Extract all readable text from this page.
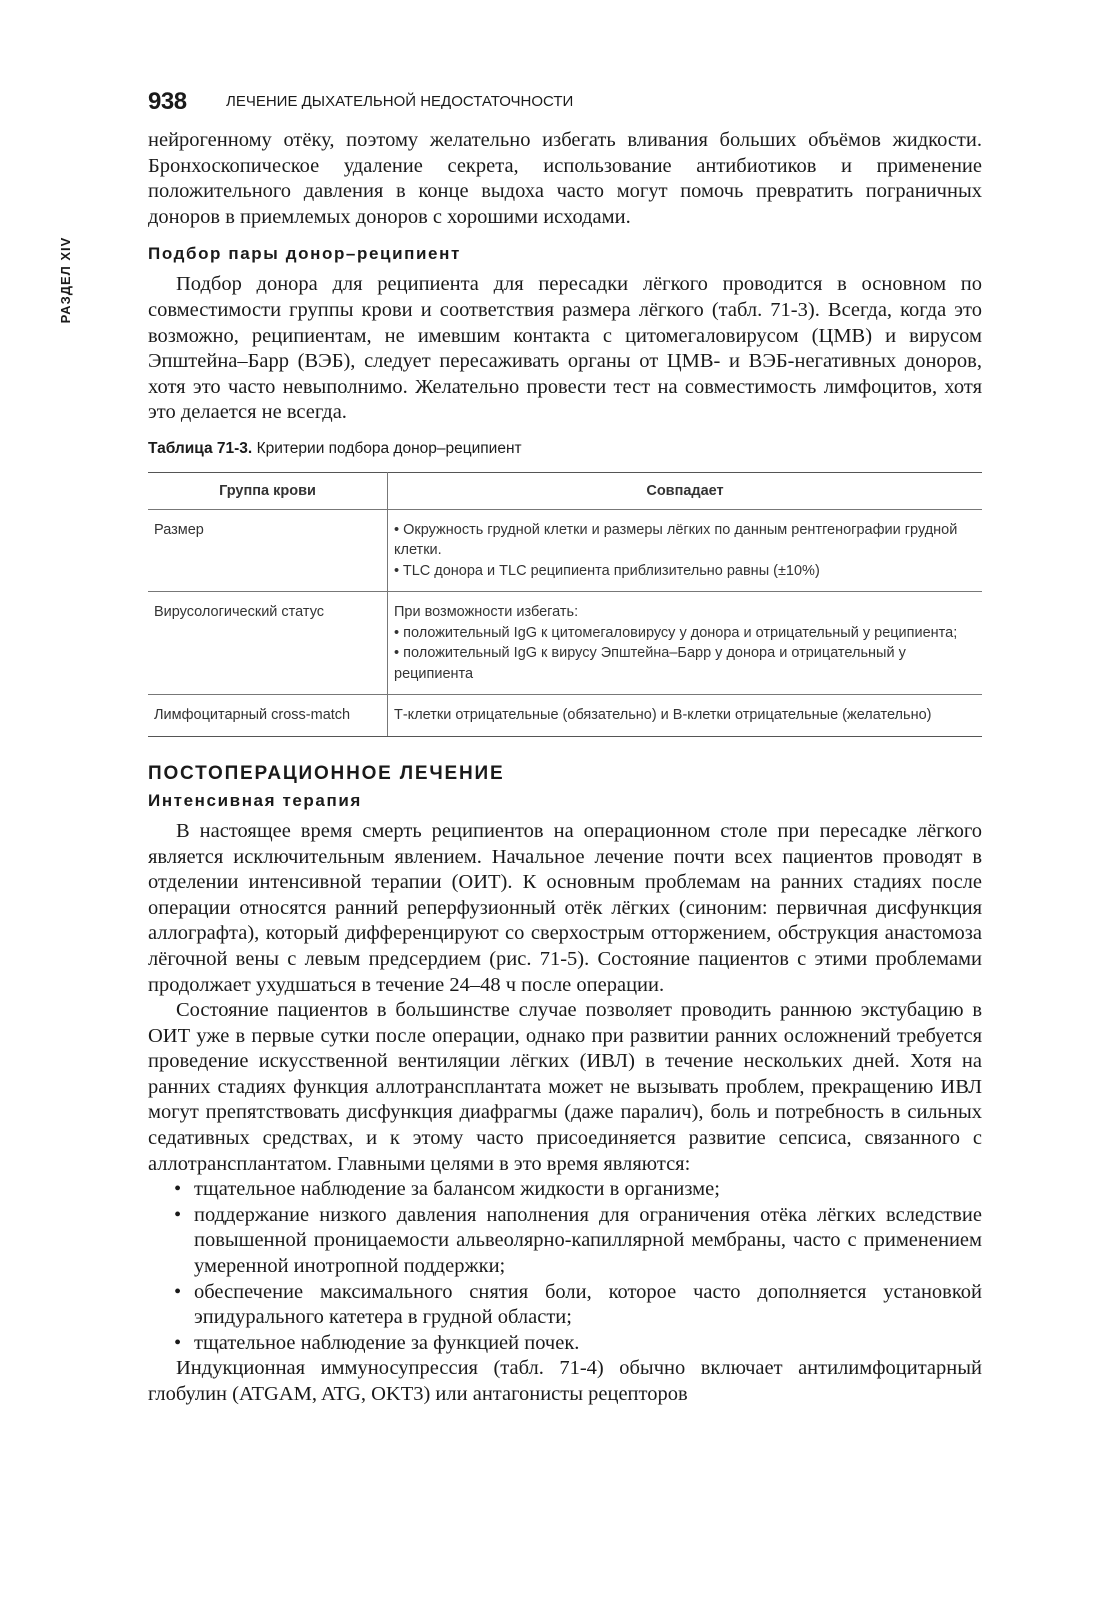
РАЗДЕЛ XIV
938	ЛЕЧЕНИЕ ДЫХАТЕЛЬНОЙ НЕДОСТАТОЧНОСТИ

нейрогенному отёку, поэтому желательно избегать вливания больших объёмов жидкости. Бронхоскопическое удаление секрета, использование антибиотиков и применение положительного давления в конце выдоха часто могут помочь превратить пограничных доноров в приемлемых доноров с хорошими исходами.

Подбор пары донор–реципиент

Подбор донора для реципиента для пересадки лёгкого проводится в основном по совместимости группы крови и соответствия размера лёгкого (табл. 71-3). Всегда, когда это возможно, реципиентам, не имевшим контакта с цитомегаловирусом (ЦМВ) и вирусом Эпштейна–Барр (ВЭБ), следует пересаживать органы от ЦМВ- и ВЭБ-негативных доноров, хотя это часто невыполнимо. Желательно провести тест на совместимость лимфоцитов, хотя это делается не всегда.

Таблица 71-3. Критерии подбора донор–реципиент
Группа крови	Совпадает
Размер	• Окружность грудной клетки и размеры лёгких по данным рентгенографии грудной клетки.
• TLC донора и TLC реципиента приблизительно равны (±10%)

Вирусологический статус	При возможности избегать:
• положительный IgG к цитомегаловирусу у донора и отрицательный у реципиента;
• положительный IgG к вирусу Эпштейна–Барр у донора и отрицательный у реципиента

Лимфоцитарный cross-match	Т-клетки отрицательные (обязательно) и В-клетки отрицательные (желательно)
ПОСТОПЕРАЦИОННОЕ ЛЕЧЕНИЕ
Интенсивная терапия

В настоящее время смерть реципиентов на операционном столе при пересадке лёгкого является исключительным явлением. Начальное лечение почти всех пациентов проводят в отделении интенсивной терапии (ОИТ). К основным проблемам на ранних стадиях после операции относятся ранний реперфузионный отёк лёгких (синоним: первичная дисфункция аллографта), который дифференцируют со сверхострым отторжением, обструкция анастомоза лёгочной вены с левым предсердием (рис. 71-5). Состояние пациентов с этими проблемами продолжает ухудшаться в течение 24–48 ч после операции.

Состояние пациентов в большинстве случае позволяет проводить раннюю экстубацию в ОИТ уже в первые сутки после операции, однако при развитии ранних осложнений требуется проведение искусственной вентиляции лёгких (ИВЛ) в течение нескольких дней. Хотя на ранних стадиях функция аллотрансплантата может не вызывать проблем, прекращению ИВЛ могут препятствовать дисфункция диафрагмы (даже паралич), боль и потребность в сильных седативных средствах, и к этому часто присоединяется развитие сепсиса, связанного с аллотрансплантатом. Главными целями в это время являются:

• тщательное наблюдение за балансом жидкости в организме;
• поддержание низкого давления наполнения для ограничения отёка лёгких вследствие повышенной проницаемости альвеолярно-капиллярной мембраны, часто с применением умеренной инотропной поддержки;
• обеспечение максимального снятия боли, которое часто дополняется установкой эпидурального катетера в грудной области;
• тщательное наблюдение за функцией почек.

Индукционная иммуносупрессия (табл. 71-4) обычно включает антилимфоцитарный глобулин (ATGAM, ATG, OKT3) или антагонисты рецепторов
